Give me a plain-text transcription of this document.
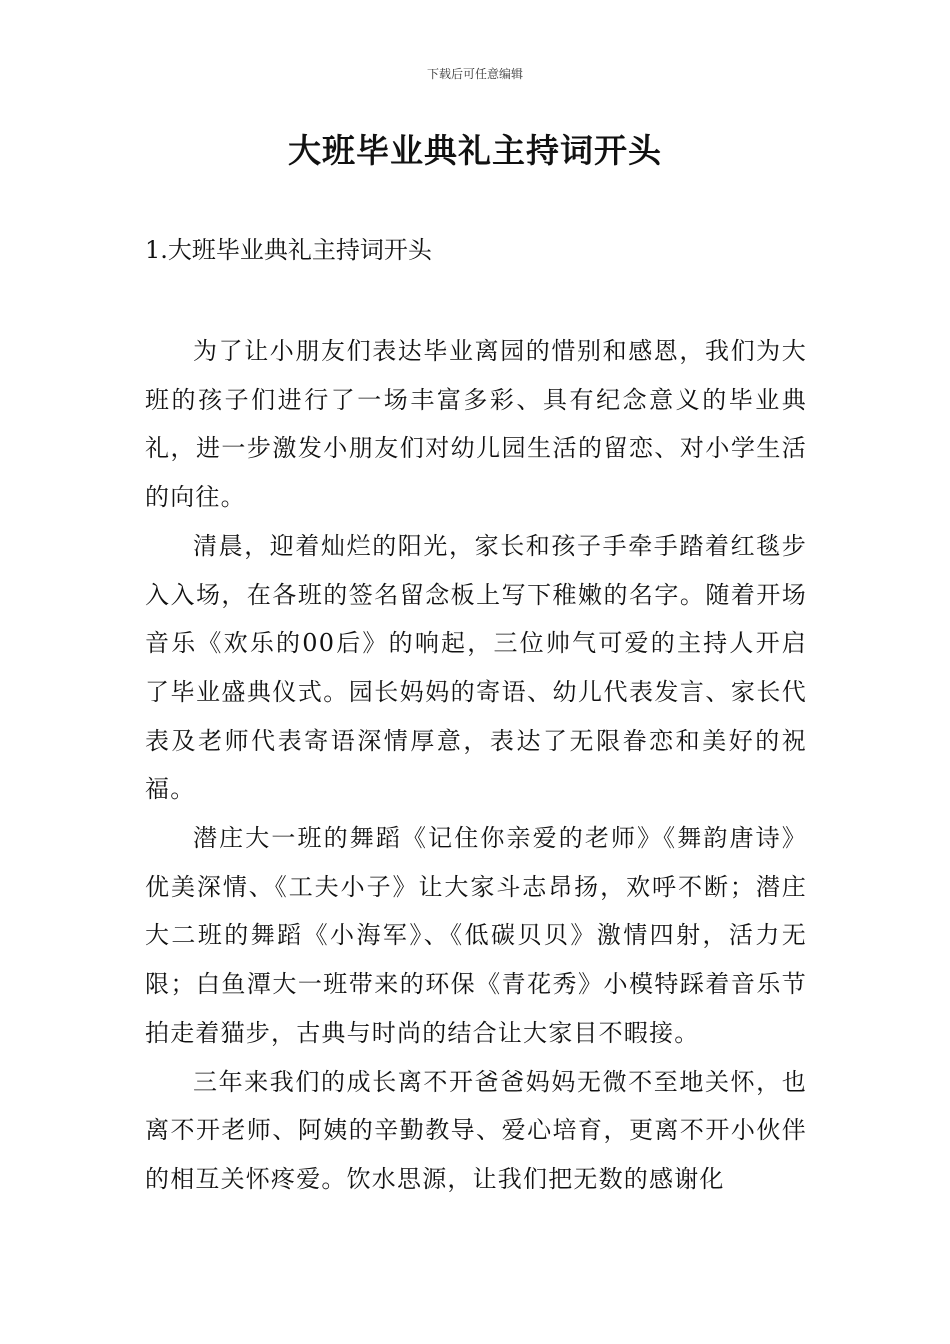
下载后可任意编辑
大班毕业典礼主持词开头
1.大班毕业典礼主持词开头

为了让小朋友们表达毕业离园的惜别和感恩，我们为大班的孩子们进行了一场丰富多彩、具有纪念意义的毕业典礼，进一步激发小朋友们对幼儿园生活的留恋、对小学生活的向往。

清晨，迎着灿烂的阳光，家长和孩子手牵手踏着红毯步入入场，在各班的签名留念板上写下稚嫩的名字。随着开场音乐《欢乐的00后》的响起，三位帅气可爱的主持人开启了毕业盛典仪式。园长妈妈的寄语、幼儿代表发言、家长代表及老师代表寄语深情厚意，表达了无限眷恋和美好的祝福。

潜庄大一班的舞蹈《记住你亲爱的老师》《舞韵唐诗》优美深情、《工夫小子》让大家斗志昂扬，欢呼不断；潜庄大二班的舞蹈《小海军》、《低碳贝贝》激情四射，活力无限；白鱼潭大一班带来的环保《青花秀》小模特踩着音乐节拍走着猫步，古典与时尚的结合让大家目不暇接。

三年来我们的成长离不开爸爸妈妈无微不至地关怀，也离不开老师、阿姨的辛勤教导、爱心培育，更离不开小伙伴的相互关怀疼爱。饮水思源，让我们把无数的感谢化
